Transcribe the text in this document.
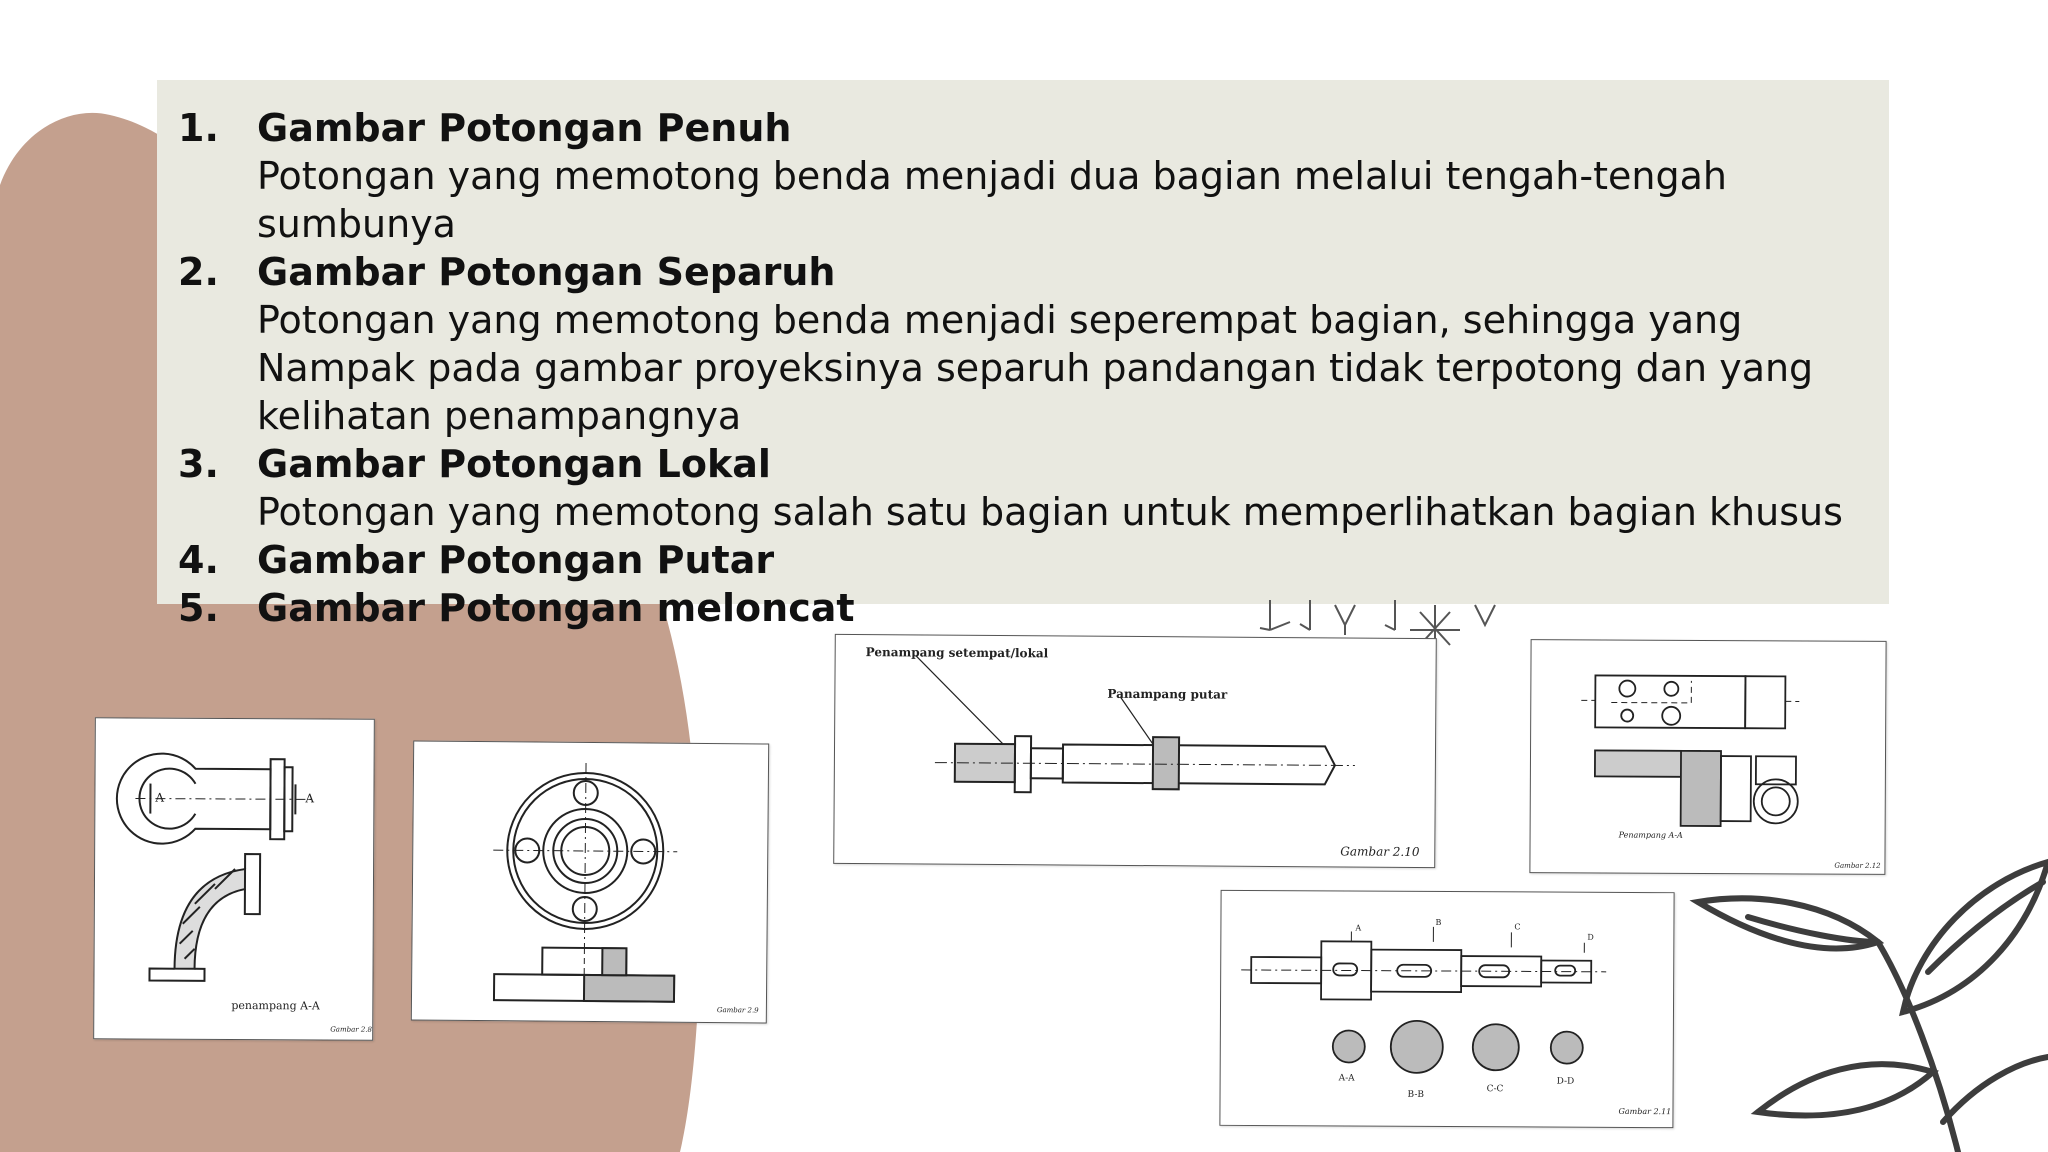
1.	Gambar Potongan Penuh
Potongan yang memotong benda menjadi dua bagian melalui tengah-tengah sumbunya
2.	Gambar Potongan Separuh
Potongan yang memotong benda menjadi seperempat bagian, sehingga yang Nampak pada gambar proyeksinya separuh pandangan tidak terpotong dan yang kelihatan penampangnya
3.	Gambar Potongan Lokal
Potongan yang memotong salah satu bagian untuk memperlihatkan bagian khusus
4.	Gambar Potongan Putar
5.	Gambar Potongan meloncat
A	A
penampang A-A
Gambar 2.8
Gambar 2.9
Penampang setempat/lokal
Panampang putar
Gambar 2.10
Penampang A-A
Gambar 2.12
A-A
B-B
C-C
D-D
A
B	C
D
Gambar 2.11
